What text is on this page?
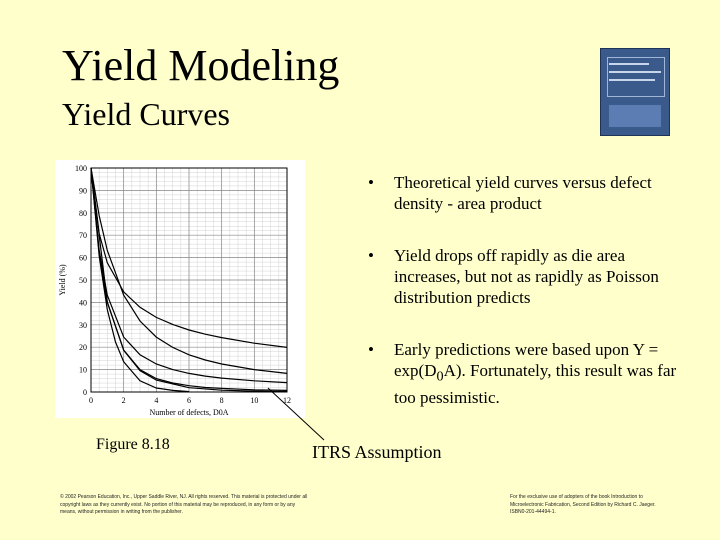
Yield Modeling
Yield Curves
0
10
20
30
40
50
60
70
80
90
100
0	2	4	6	8	10	12
Number of defects, D0A
Yield (%)
• Theoretical yield curves versus defect density - area product
• Yield drops off rapidly as die area increases, but not as rapidly as Poisson distribution predicts
• Early predictions were based upon $Y = \exp(D_0A)$. Fortunately, this result was far too pessimistic.
Figure 8.18	ITRS Assumption
© 2002 Pearson Education, Inc., Upper Saddle River, NJ. All rights reserved. This material is protected under all copyright laws as they currently exist. No portion of this material may be reproduced, in any form or by any means, without permission in writing from the publisher.
For the exclusive use of adopters of the book Introduction to Microelectronic Fabrication, Second Edition by Richard C. Jaeger. ISBN0-201-44494-1.
